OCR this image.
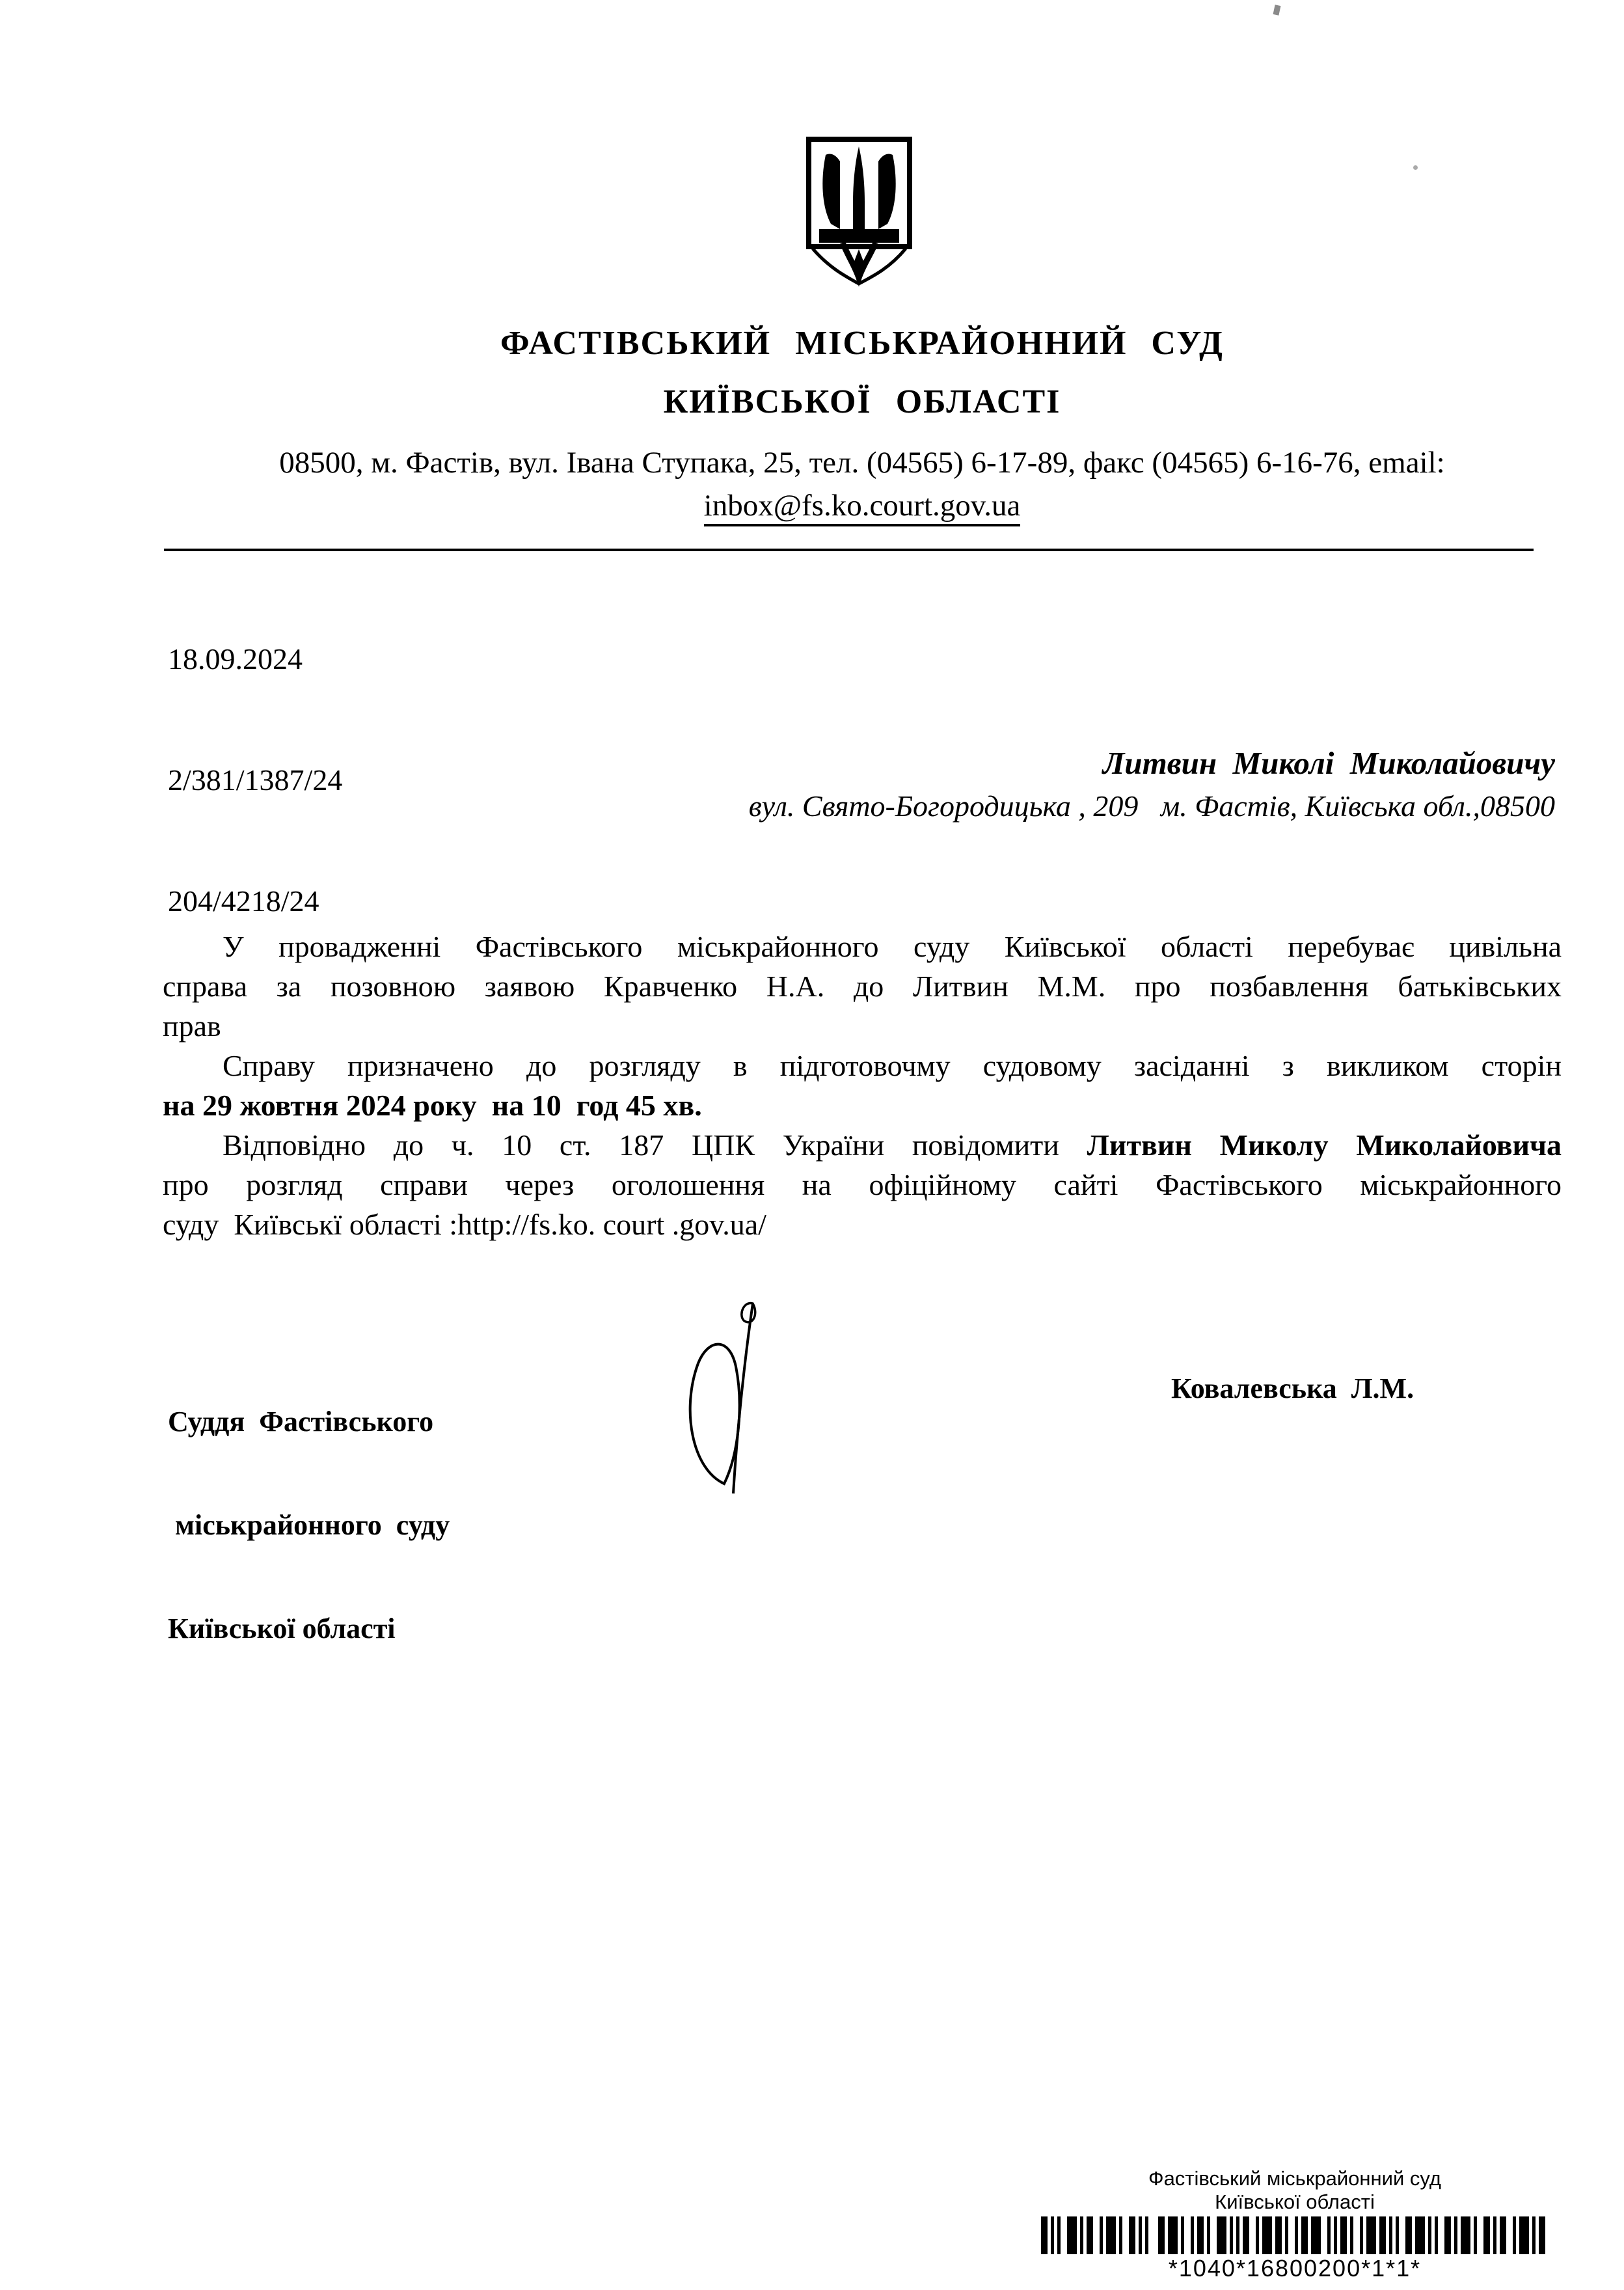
ФАСТІВСЬКИЙ МІСЬКРАЙОННИЙ СУД
КИЇВСЬКОЇ ОБЛАСТІ
08500, м. Фастів, вул. Івана Ступака, 25, тел. (04565) 6-17-89, факс (04565) 6-16-76, email:
inbox@fs.ko.court.gov.ua

18.09.2024

2/381/1387/24

204/4218/24

Литвин  Миколі  Миколайовичу
вул. Свято-Богородицька , 209   м. Фастів, Київська обл.,08500
У провадженні Фастівського міськрайонного суду Київської області перебуває цивільна
справа за позовною заявою Кравченко Н.А. до Литвин М.М. про позбавлення батьківських
прав
Справу призначено до розгляду в підготовочму судовому засіданні з викликом сторін
на 29 жовтня 2024 року  на 10  год 45 хв.
Відповідно до ч. 10 ст. 187 ЦПК України повідомити Литвин Миколу Миколайовича
про розгляд справи через оголошення на офіційному сайті Фастівського міськрайонного
суду  Київськї області :http://fs.ko. court .gov.ua/

Суддя  Фастівського

міськрайонного  суду

Київської області

Ковалевська  Л.М.
Фастівський міськрайонний суд
Київської області
*1040*16800200*1*1*
